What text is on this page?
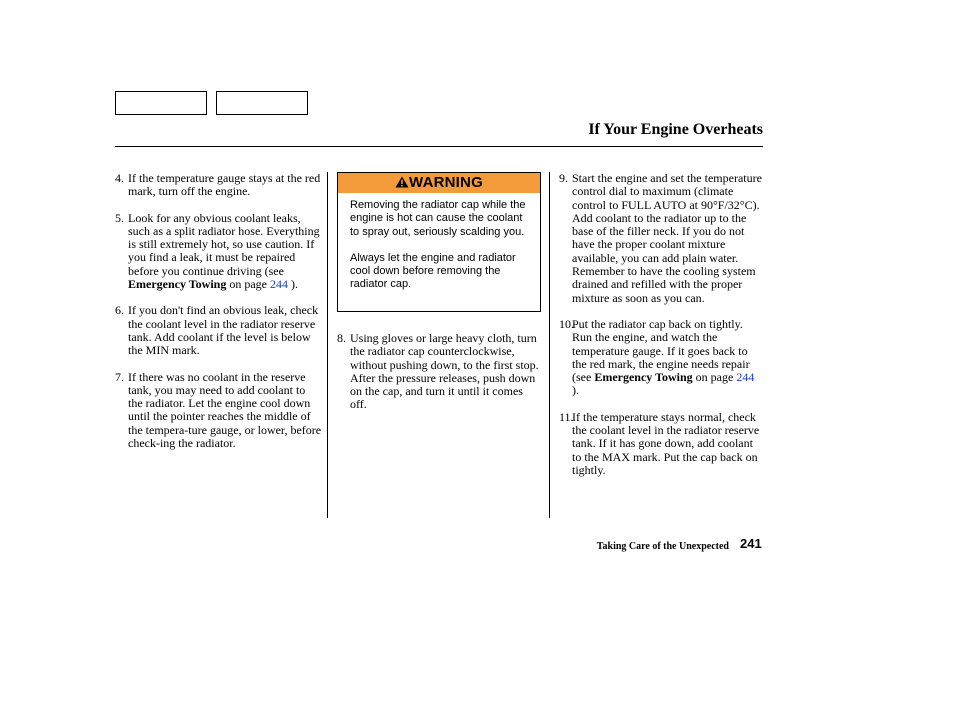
If Your Engine Overheats
4. If the temperature gauge stays at the red mark, turn off the engine.
5. Look for any obvious coolant leaks, such as a split radiator hose. Everything is still extremely hot, so use caution. If you find a leak, it must be repaired before you continue driving (see Emergency Towing on page 244 ).
6. If you don't find an obvious leak, check the coolant level in the radiator reserve tank. Add coolant if the level is below the MIN mark.
7. If there was no coolant in the reserve tank, you may need to add coolant to the radiator. Let the engine cool down until the pointer reaches the middle of the tempera-ture gauge, or lower, before check-ing the radiator.
WARNING

Removing the radiator cap while the engine is hot can cause the coolant to spray out, seriously scalding you.

Always let the engine and radiator cool down before removing the radiator cap.

8. Using gloves or large heavy cloth, turn the radiator cap counterclockwise, without pushing down, to the first stop. After the pressure releases, push down on the cap, and turn it until it comes off.
9. Start the engine and set the temperature control dial to maximum (climate control to FULL AUTO at 90°F/32°C). Add coolant to the radiator up to the base of the filler neck. If you do not have the proper coolant mixture available, you can add plain water. Remember to have the cooling system drained and refilled with the proper mixture as soon as you can.
10.
Put the radiator cap back on tightly. Run the engine, and watch the temperature gauge. If it goes back to the red mark, the engine needs repair (see Emergency Towing on page 244 ).
11.
If the temperature stays normal, check the coolant level in the radiator reserve tank. If it has gone down, add coolant to the MAX mark. Put the cap back on tightly.
Taking Care of the Unexpected 241
